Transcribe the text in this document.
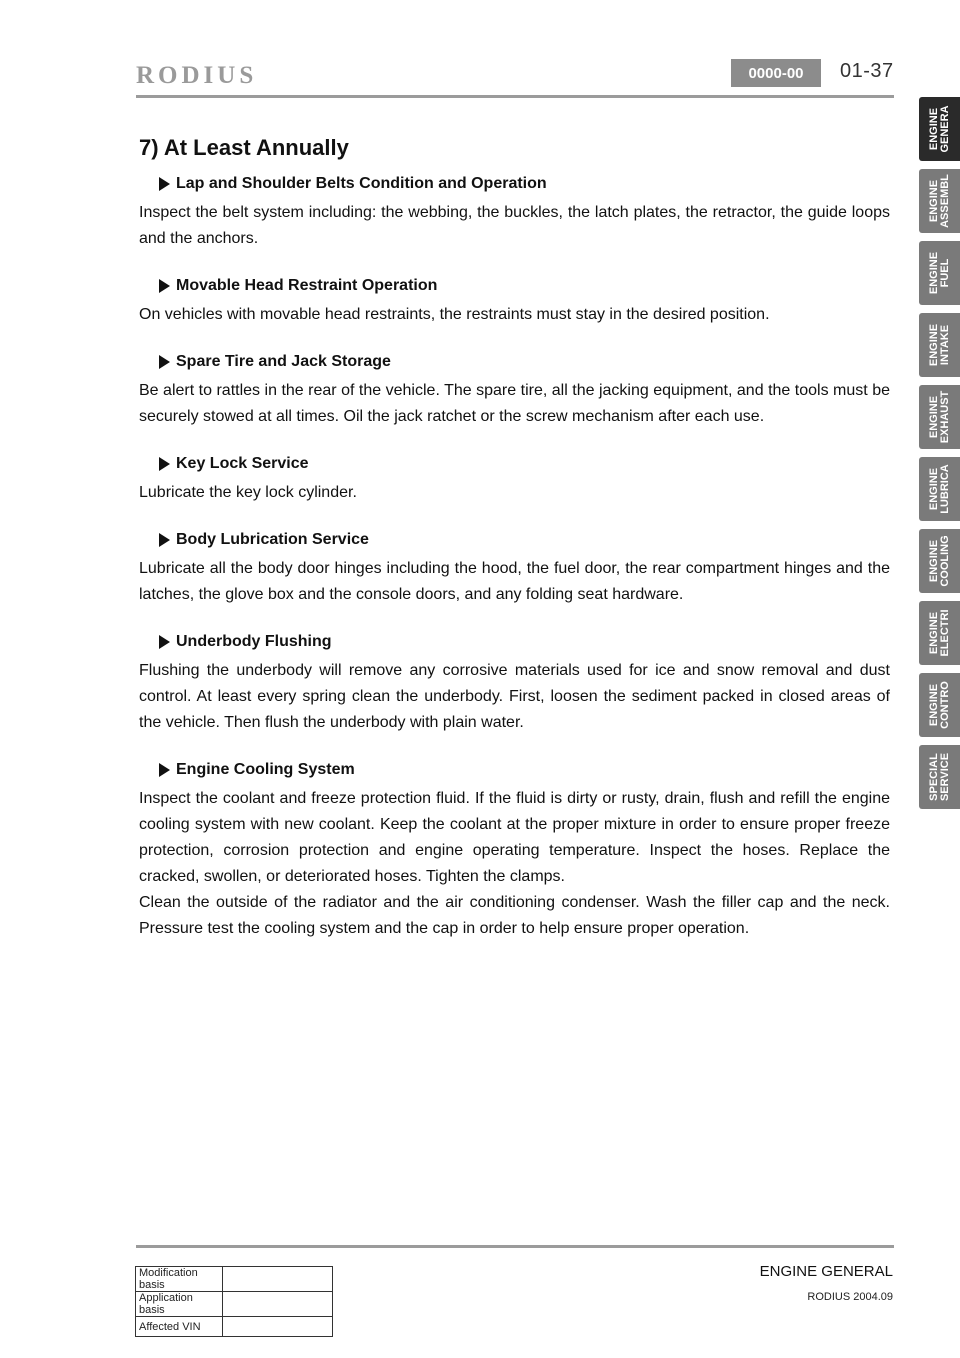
RODIUS	0000-00	01-37
7) At Least Annually
Lap and Shoulder Belts Condition and Operation

Inspect the belt system including: the webbing, the buckles, the latch plates, the retractor, the guide loops and the anchors.

Movable Head Restraint Operation

On vehicles with movable head restraints, the restraints must stay in the desired position.

Spare Tire and Jack Storage

Be alert to rattles in the rear of the vehicle. The spare tire, all the jacking equipment, and the tools must be securely stowed at all times. Oil the jack ratchet or the screw mechanism after each use.

Key Lock Service

Lubricate the key lock cylinder.

Body Lubrication Service

Lubricate all the body door hinges including the hood, the fuel door, the rear compartment hinges and the latches, the glove box and the console doors, and any folding seat hardware.

Underbody Flushing

Flushing the underbody will remove any corrosive materials used for ice and snow removal and dust control. At least every spring clean the underbody. First, loosen the sediment packed in closed areas of the vehicle. Then flush the underbody with plain water.

Engine Cooling System

Inspect the coolant and freeze protection fluid. If the fluid is dirty or rusty, drain, flush and refill the engine cooling system with new coolant. Keep the coolant at the proper mixture in order to ensure proper freeze protection, corrosion protection and engine operating temperature. Inspect the hoses. Replace the cracked, swollen, or deteriorated hoses. Tighten the clamps.

Clean the outside of the radiator and the air conditioning condenser. Wash the filler cap and the neck. Pressure test the cooling system and the cap in order to help ensure proper operation.

ENGINE
GENERA
ENGINE
ASSEMBL
ENGINE
FUEL
ENGINE
INTAKE
ENGINE
EXHAUST
ENGINE
LUBRICA
ENGINE
COOLING
ENGINE
ELECTRI
ENGINE
CONTRO
SPECIAL
SERVICE
Modification basis	
Application basis	
Affected VIN	
ENGINE GENERAL
RODIUS 2004.09
